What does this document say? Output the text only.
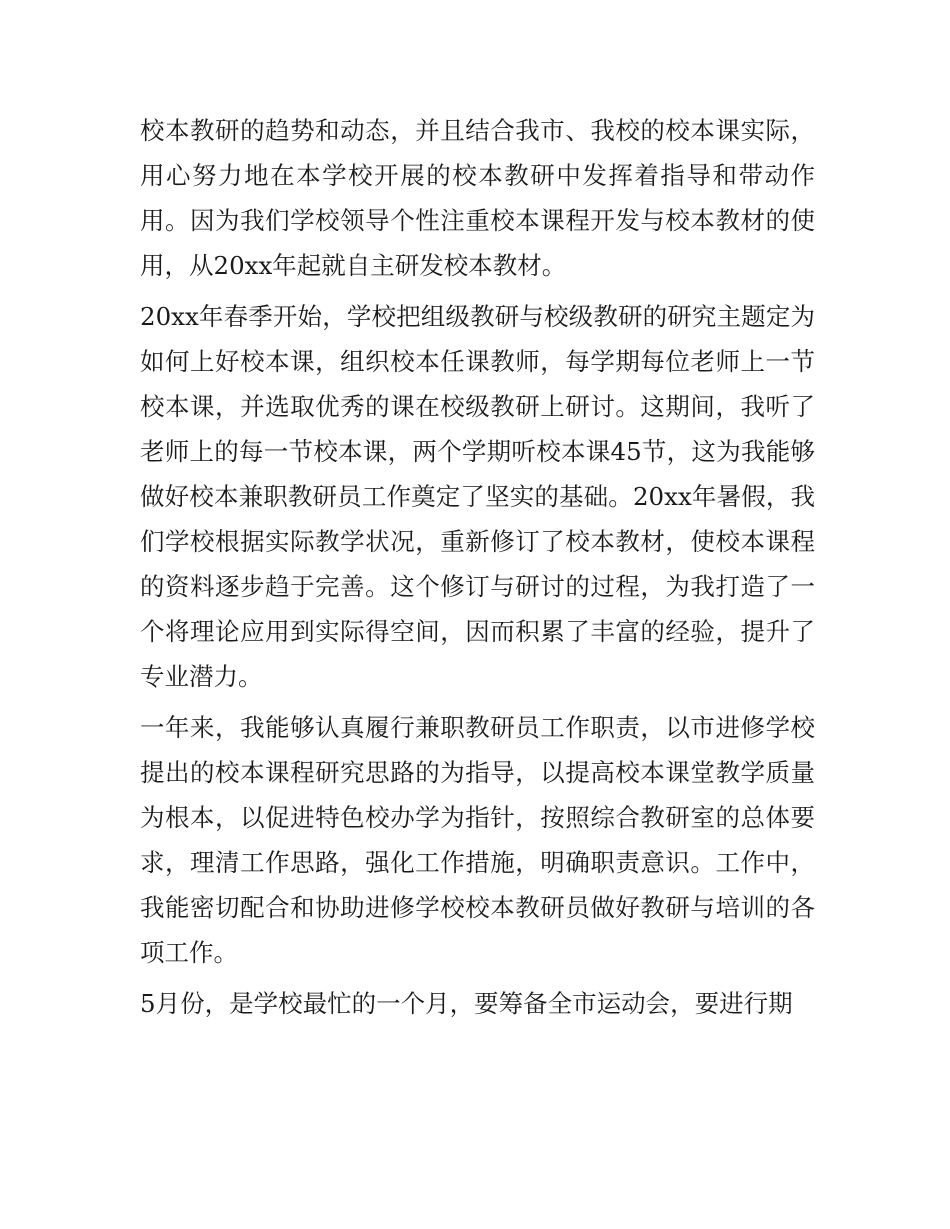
校本教研的趋势和动态，并且结合我市、我校的校本课实际，用心努力地在本学校开展的校本教研中发挥着指导和带动作用。因为我们学校领导个性注重校本课程开发与校本教材的使用，从20xx年起就自主研发校本教材。

20xx年春季开始，学校把组级教研与校级教研的研究主题定为如何上好校本课，组织校本任课教师，每学期每位老师上一节校本课，并选取优秀的课在校级教研上研讨。这期间，我听了老师上的每一节校本课，两个学期听校本课45节，这为我能够做好校本兼职教研员工作奠定了坚实的基础。20xx年暑假，我们学校根据实际教学状况，重新修订了校本教材，使校本课程的资料逐步趋于完善。这个修订与研讨的过程，为我打造了一个将理论应用到实际得空间，因而积累了丰富的经验，提升了专业潜力。

一年来，我能够认真履行兼职教研员工作职责，以市进修学校提出的校本课程研究思路的为指导，以提高校本课堂教学质量为根本，以促进特色校办学为指针，按照综合教研室的总体要求，理清工作思路，强化工作措施，明确职责意识。工作中，我能密切配合和协助进修学校校本教研员做好教研与培训的各项工作。

5月份，是学校最忙的一个月，要筹备全市运动会，要进行期
